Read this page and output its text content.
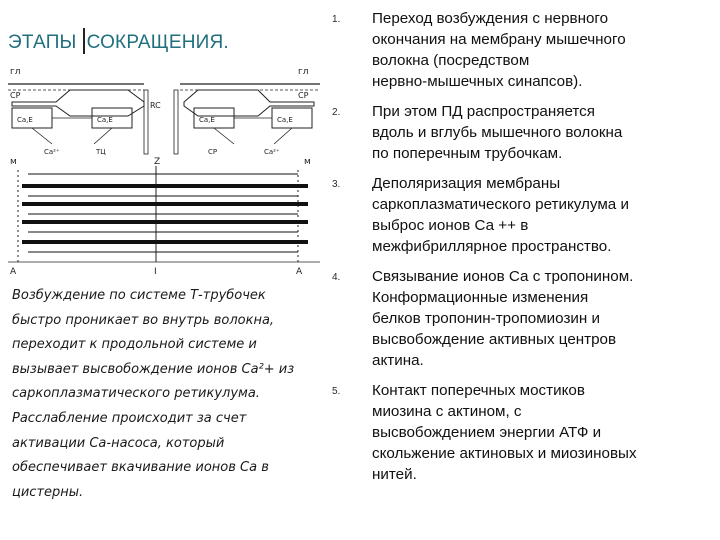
ЭТАПЫ СОКРАЩЕНИЯ.
гл	гл
СР	СР
RC
Са,Е	Са,Е
Са²⁺	ТЦ
Са,Е	Са,Е
СР	Са²⁺
м	Z	м
А	I	А
Возбуждение по системе Т-трубочек
быстро проникает во внутрь волокна,
переходит к продольной системе и
вызывает высвобождение ионов Са²+ из
саркоплазматического ретикулума.
Расслабление происходит за счет
активации Са-насоса, который
обеспечивает вкачивание ионов Са в
цистерны.
1. Переход возбуждения с нервного
окончания на мембрану мышечного
волокна (посредством
нервно-мышечных синапсов).
2. При этом ПД распространяется
вдоль и вглубь мышечного волокна
по поперечным трубочкам.
3. Деполяризация мембраны
саркоплазматического ретикулума и
выброс ионов Са ++ в
межфибриллярное пространство.
4. Связывание ионов Са с тропонином.
Конформационные изменения
белков тропонин-тропомиозин и
высвобождение активных центров
актина.
5. Контакт поперечных мостиков
миозина с актином, с
высвобождением энергии АТФ и
скольжение актиновых и миозиновых
нитей.
